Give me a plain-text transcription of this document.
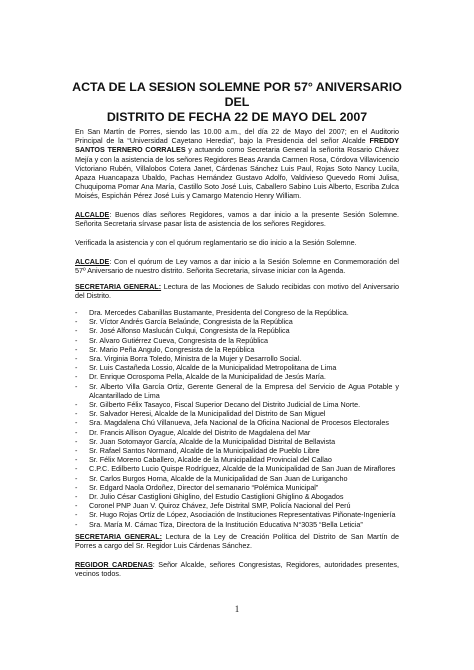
ACTA DE LA SESION SOLEMNE POR 57° ANIVERSARIO DEL
DISTRITO DE FECHA 22 DE MAYO DEL 2007
En San Martín de Porres, siendo las 10.00 a.m., del día 22 de Mayo del 2007; en el Auditorio Principal de la “Universidad Cayetano Heredia”, bajo la Presidencia del señor Alcalde FREDDY SANTOS TERNERO CORRALES y actuando como Secretaria General la señorita Rosario Chávez Mejía y con la asistencia de los señores Regidores Beas Aranda Carmen Rosa, Córdova Villavicencio Victoriano Rubén, Villalobos Cotera Janet, Cárdenas Sánchez Luis Paul, Rojas Soto Nancy Lucila, Apaza Huancapaza Ubaldo, Pachas Hernández Gustavo Adolfo, Valdivieso Quevedo Romi Julisa, Chuquipoma Pomar Ana María, Castillo Soto José Luis, Caballero Sabino Luis Alberto, Escriba Zulca Moisés, Espichán Pérez José Luis y Camargo Matencio Henry William.
ALCALDE: Buenos días señores Regidores, vamos a dar inicio a la presente Sesión Solemne. Señorita Secretaria sírvase pasar lista de asistencia de los señores Regidores.
Verificada la asistencia y con el quórum reglamentario se dio inicio a la Sesión Solemne.
ALCALDE: Con el quórum de Ley vamos a dar inicio a la Sesión Solemne en Conmemoración del 57º Aniversario de nuestro distrito. Señorita Secretaria, sírvase iniciar con la Agenda.
SECRETARIA GENERAL: Lectura de las Mociones de Saludo recibidas con motivo del Aniversario del Distrito.
- Dra. Mercedes Cabanillas Bustamante, Presidenta del Congreso de la República.
- Sr. Víctor Andrés García Belaúnde, Congresista de la República
- Sr. José Alfonso Maslucán Culqui, Congresista de la República
- Sr. Alvaro Gutiérrez Cueva, Congresista de la República
- Sr. Mario Peña Angulo, Congresista de la República
- Sra. Virginia Borra Toledo, Ministra de la Mujer y Desarrollo Social.
- Sr. Luis Castañeda Lossio, Alcalde de la Municipalidad Metropolitana de Lima
- Dr. Enrique Ocrospoma Pella, Alcalde de la Municipalidad de Jesús María.
- Sr. Alberto Villa García Ortiz, Gerente General de la Empresa del Servicio de Agua Potable y Alcantarillado de Lima
- Sr. Gilberto Félix Tasayco, Fiscal Superior Decano del Distrito Judicial de Lima Norte.
- Sr. Salvador Heresi, Alcalde de la Municipalidad del Distrito de San Miguel
- Sra. Magdalena Chú Villanueva, Jefa Nacional de la Oficina Nacional de Procesos Electorales
- Dr. Francis Allison Oyague, Alcalde del Distrito de Magdalena del Mar
- Sr. Juan Sotomayor García, Alcalde de la Municipalidad Distrital de Bellavista
- Sr. Rafael Santos Normand, Alcalde de la Municipalidad de Pueblo Libre
- Sr. Félix Moreno Caballero, Alcalde de la Municipalidad Provincial del Callao
- C.P.C. Edilberto Lucio Quispe Rodríguez, Alcalde de la Municipalidad de San Juan de Miraflores
- Sr. Carlos Burgos Horna, Alcalde de la Municipalidad de San Juan de Lurigancho
- Sr. Edgard Naola Ordoñez, Director del semanario “Polémica Municipal”
- Dr. Julio César Castiglioni Ghiglino, del Estudio Castiglioni Ghiglino & Abogados
- Coronel PNP Juan V. Quiroz Chávez, Jefe Distrital SMP, Policía Nacional del Perú
- Sr. Hugo Rojas Ortíz de López, Asociación de Instituciones Representativas Piñonate-Ingeniería
- Sra. María M. Cámac Tiza, Directora de la Institución Educativa N°3035 “Bella Leticia”
SECRETARIA GENERAL: Lectura de la Ley de Creación Política del Distrito de San Martín de Porres a cargo del Sr. Regidor Luis Cárdenas Sánchez.
REGIDOR CARDENAS: Señor Alcalde, señores Congresistas, Regidores, autoridades presentes, vecinos todos.
1
